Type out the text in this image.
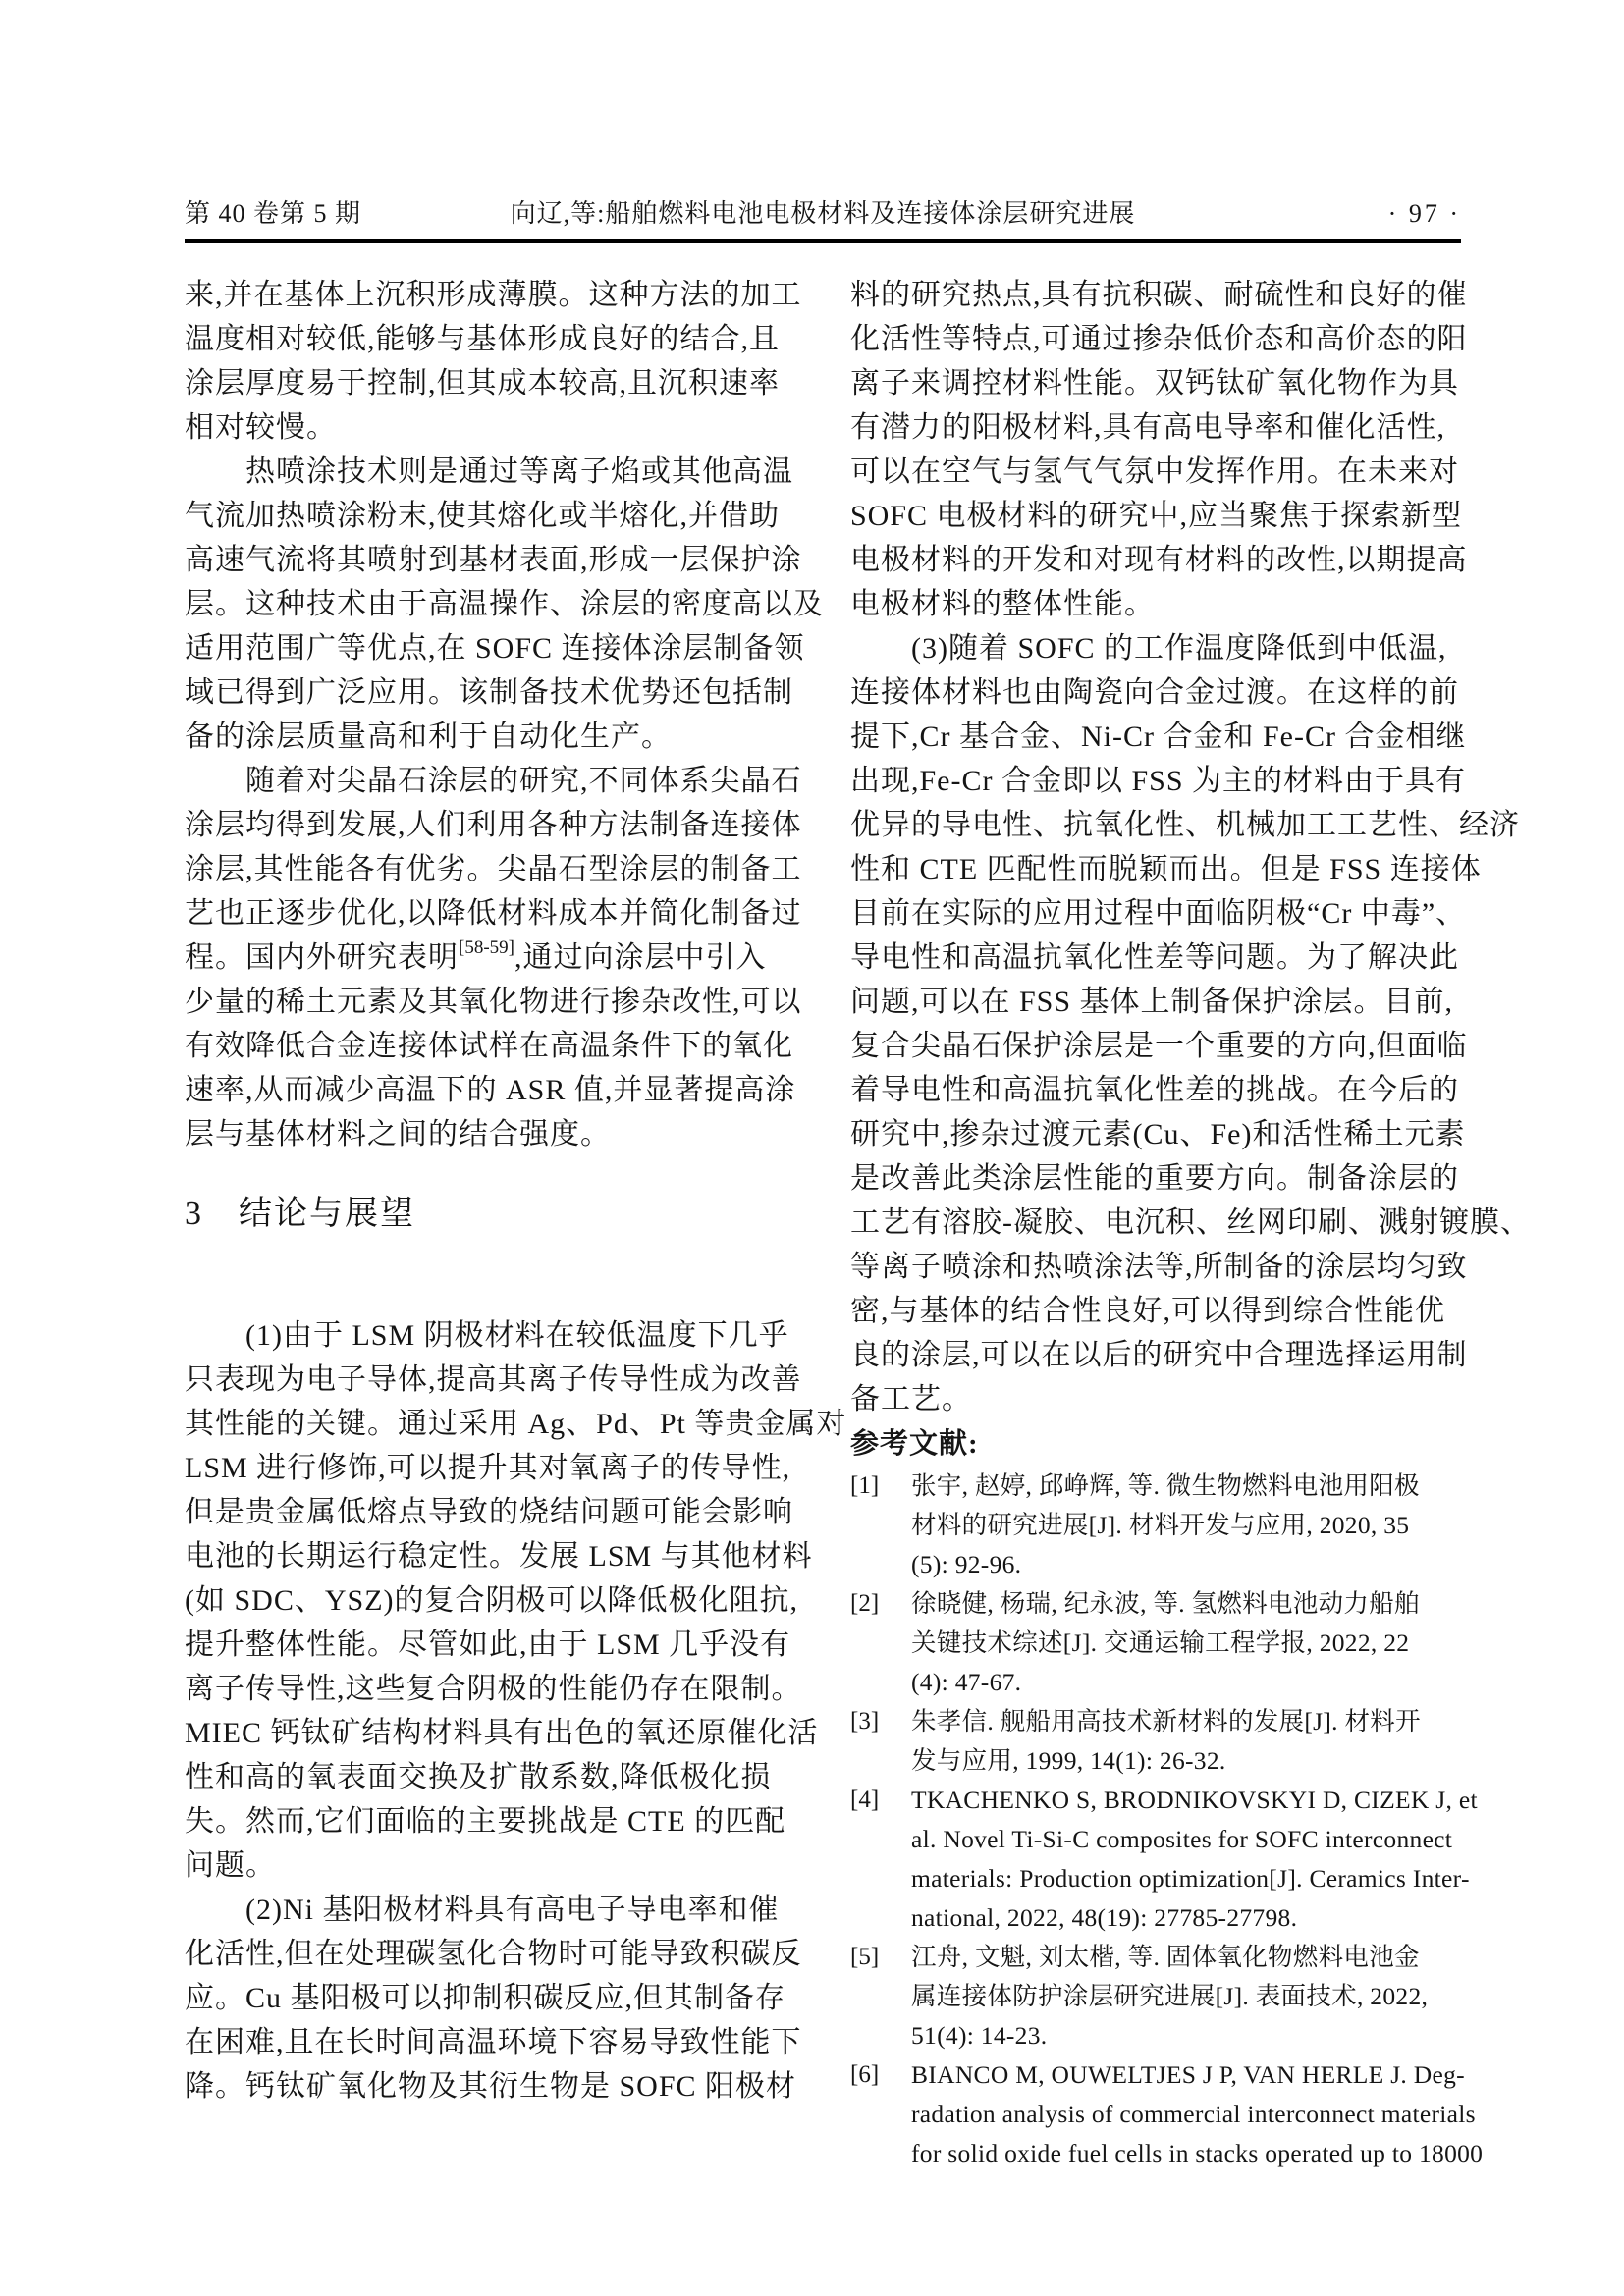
第 40 卷第 5 期	向辽,等:船舶燃料电池电极材料及连接体涂层研究进展	· 97 ·
来,并在基体上沉积形成薄膜。这种方法的加工
温度相对较低,能够与基体形成良好的结合,且
涂层厚度易于控制,但其成本较高,且沉积速率
相对较慢。
　　热喷涂技术则是通过等离子焰或其他高温
气流加热喷涂粉末,使其熔化或半熔化,并借助
高速气流将其喷射到基材表面,形成一层保护涂
层。这种技术由于高温操作、涂层的密度高以及
适用范围广等优点,在 SOFC 连接体涂层制备领
域已得到广泛应用。该制备技术优势还包括制
备的涂层质量高和利于自动化生产。
　　随着对尖晶石涂层的研究,不同体系尖晶石
涂层均得到发展,人们利用各种方法制备连接体
涂层,其性能各有优劣。尖晶石型涂层的制备工
艺也正逐步优化,以降低材料成本并简化制备过
程。国内外研究表明[58-59],通过向涂层中引入
少量的稀土元素及其氧化物进行掺杂改性,可以
有效降低合金连接体试样在高温条件下的氧化
速率,从而减少高温下的 ASR 值,并显著提高涂
层与基体材料之间的结合强度。
3 结论与展望
　　(1)由于 LSM 阴极材料在较低温度下几乎
只表现为电子导体,提高其离子传导性成为改善
其性能的关键。通过采用 Ag、Pd、Pt 等贵金属对
LSM 进行修饰,可以提升其对氧离子的传导性,
但是贵金属低熔点导致的烧结问题可能会影响
电池的长期运行稳定性。发展 LSM 与其他材料
(如 SDC、YSZ)的复合阴极可以降低极化阻抗,
提升整体性能。尽管如此,由于 LSM 几乎没有
离子传导性,这些复合阴极的性能仍存在限制。
MIEC 钙钛矿结构材料具有出色的氧还原催化活
性和高的氧表面交换及扩散系数,降低极化损
失。然而,它们面临的主要挑战是 CTE 的匹配
问题。
　　(2)Ni 基阳极材料具有高电子导电率和催
化活性,但在处理碳氢化合物时可能导致积碳反
应。Cu 基阳极可以抑制积碳反应,但其制备存
在困难,且在长时间高温环境下容易导致性能下
降。钙钛矿氧化物及其衍生物是 SOFC 阳极材
料的研究热点,具有抗积碳、耐硫性和良好的催
化活性等特点,可通过掺杂低价态和高价态的阳
离子来调控材料性能。双钙钛矿氧化物作为具
有潜力的阳极材料,具有高电导率和催化活性,
可以在空气与氢气气氛中发挥作用。在未来对
SOFC 电极材料的研究中,应当聚焦于探索新型
电极材料的开发和对现有材料的改性,以期提高
电极材料的整体性能。
　　(3)随着 SOFC 的工作温度降低到中低温,
连接体材料也由陶瓷向合金过渡。在这样的前
提下,Cr 基合金、Ni-Cr 合金和 Fe-Cr 合金相继
出现,Fe-Cr 合金即以 FSS 为主的材料由于具有
优异的导电性、抗氧化性、机械加工工艺性、经济
性和 CTE 匹配性而脱颖而出。但是 FSS 连接体
目前在实际的应用过程中面临阴极“Cr 中毒”、
导电性和高温抗氧化性差等问题。为了解决此
问题,可以在 FSS 基体上制备保护涂层。目前,
复合尖晶石保护涂层是一个重要的方向,但面临
着导电性和高温抗氧化性差的挑战。在今后的
研究中,掺杂过渡元素(Cu、Fe)和活性稀土元素
是改善此类涂层性能的重要方向。制备涂层的
工艺有溶胶-凝胶、电沉积、丝网印刷、溅射镀膜、
等离子喷涂和热喷涂法等,所制备的涂层均匀致
密,与基体的结合性良好,可以得到综合性能优
良的涂层,可以在以后的研究中合理选择运用制
备工艺。
参考文献:
[1]	张宇, 赵婷, 邱峥辉, 等. 微生物燃料电池用阳极
材料的研究进展[J]. 材料开发与应用, 2020, 35
(5): 92-96.
[2]	徐晓健, 杨瑞, 纪永波, 等. 氢燃料电池动力船舶
关键技术综述[J]. 交通运输工程学报, 2022, 22
(4): 47-67.
[3]	朱孝信. 舰船用高技术新材料的发展[J]. 材料开
发与应用, 1999, 14(1): 26-32.
[4]	TKACHENKO S, BRODNIKOVSKYI D, CIZEK J, et
al. Novel Ti-Si-C composites for SOFC interconnect
materials: Production optimization[J]. Ceramics Inter-
national, 2022, 48(19): 27785-27798.
[5]	江舟, 文魁, 刘太楷, 等. 固体氧化物燃料电池金
属连接体防护涂层研究进展[J]. 表面技术, 2022,
51(4): 14-23.
[6]	BIANCO M, OUWELTJES J P, VAN HERLE J. Deg-
radation analysis of commercial interconnect materials
for solid oxide fuel cells in stacks operated up to 18000
